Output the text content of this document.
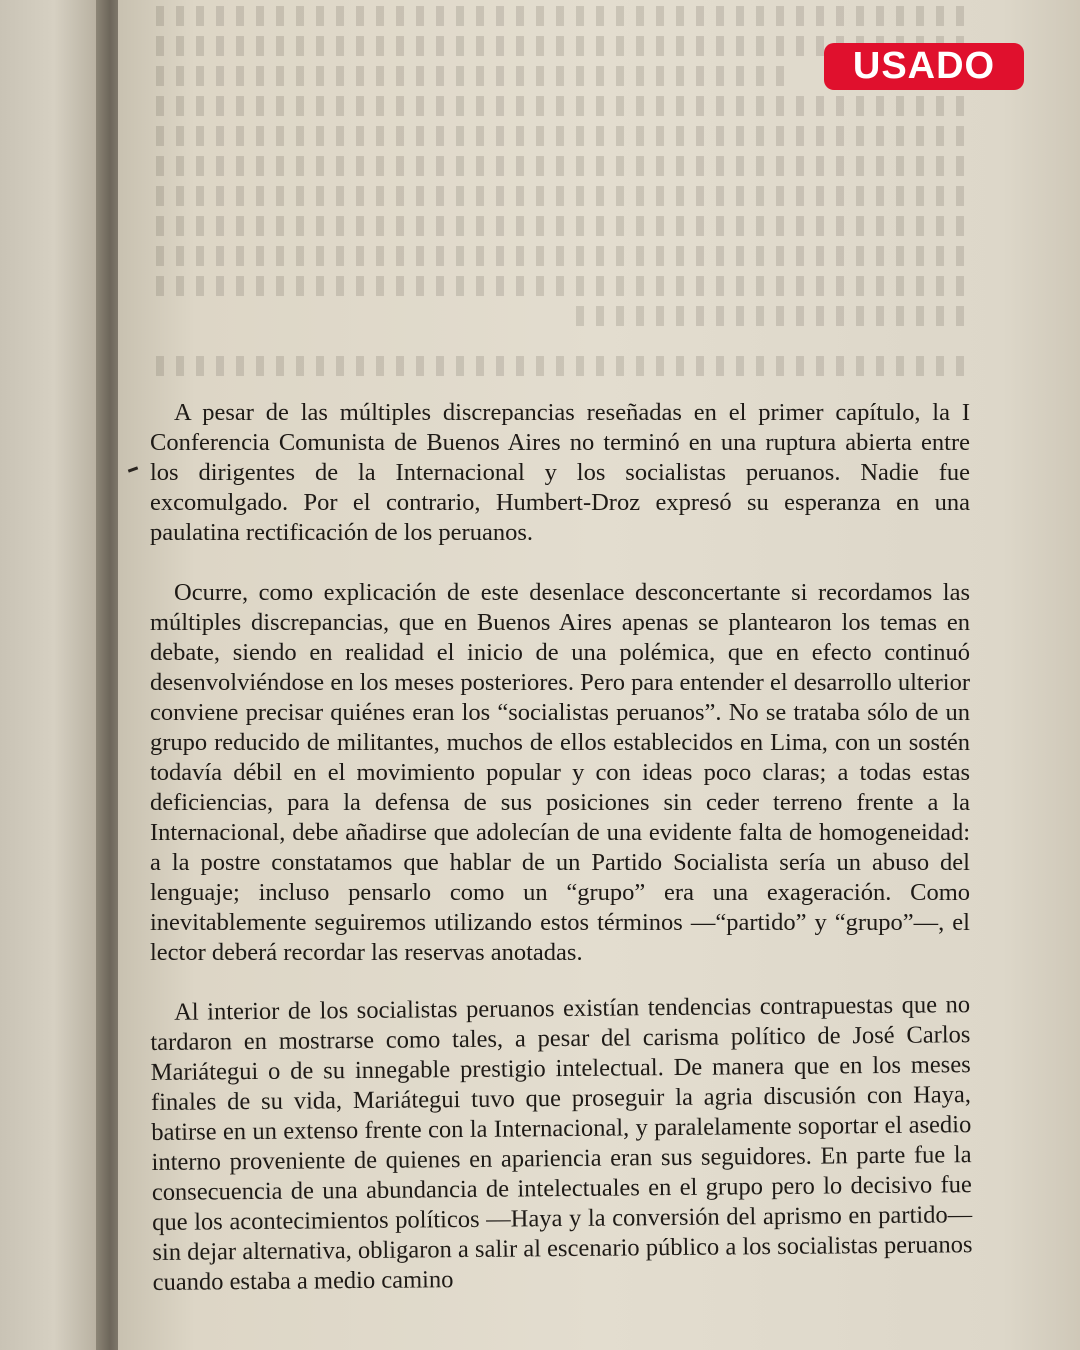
USADO

A pesar de las múltiples discrepancias reseñadas en el primer capítulo, la I Conferencia Comunista de Buenos Aires no terminó en una ruptura abierta entre los dirigentes de la Internacional y los socialistas peruanos. Nadie fue excomulgado. Por el contrario, Humbert-Droz expresó su esperanza en una paulatina rectificación de los peruanos.

Ocurre, como explicación de este desenlace desconcertante si recordamos las múltiples discrepancias, que en Buenos Aires apenas se plantearon los temas en debate, siendo en realidad el inicio de una polémica, que en efecto continuó desenvolviéndose en los meses posteriores. Pero para entender el desarrollo ulterior conviene precisar quiénes eran los “socialistas peruanos”. No se trataba sólo de un grupo reducido de militantes, muchos de ellos establecidos en Lima, con un sostén todavía débil en el movimiento popular y con ideas poco claras; a todas estas deficiencias, para la defensa de sus posiciones sin ceder terreno frente a la Internacional, debe añadirse que adolecían de una evidente falta de homogeneidad: a la postre constatamos que hablar de un Partido Socialista sería un abuso del lenguaje; incluso pensarlo como un “grupo” era una exageración. Como inevitablemente seguiremos utilizando estos términos —“partido” y “grupo”—, el lector deberá recordar las reservas anotadas.

Al interior de los socialistas peruanos existían tendencias contrapuestas que no tardaron en mostrarse como tales, a pesar del carisma político de José Carlos Mariátegui o de su innegable prestigio intelectual. De manera que en los meses finales de su vida, Mariátegui tuvo que proseguir la agria discusión con Haya, batirse en un extenso frente con la Internacional, y paralelamente soportar el asedio interno proveniente de quienes en apariencia eran sus seguidores. En parte fue la consecuencia de una abundancia de intelectuales en el grupo pero lo decisivo fue que los acontecimientos políticos —Haya y la conversión del aprismo en partido— sin dejar alternativa, obligaron a salir al escenario público a los socialistas peruanos cuando estaba a medio camino
